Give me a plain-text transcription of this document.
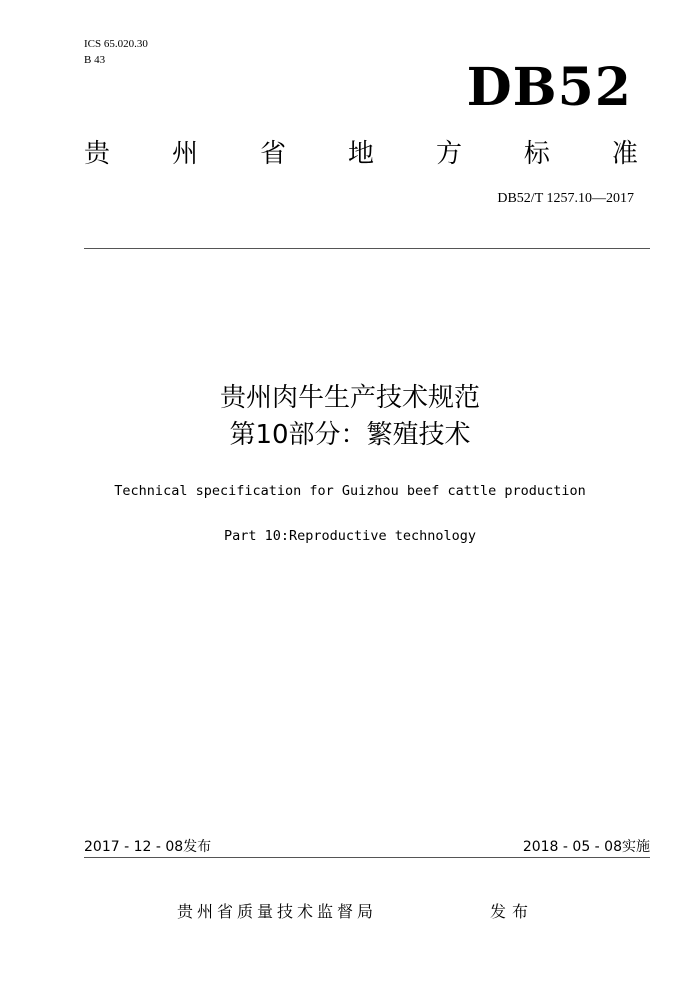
ICS 65.020.30
B 43	DB52
贵 州 省 地 方 标 准
DB52/T 1257.10—2017
贵州肉牛生产技术规范
第10部分：繁殖技术
Technical specification for Guizhou beef cattle production
Part 10:Reproductive technology
2017 - 12 - 08发布	2018 - 05 - 08实施
贵州省质量技术监督局	发布
